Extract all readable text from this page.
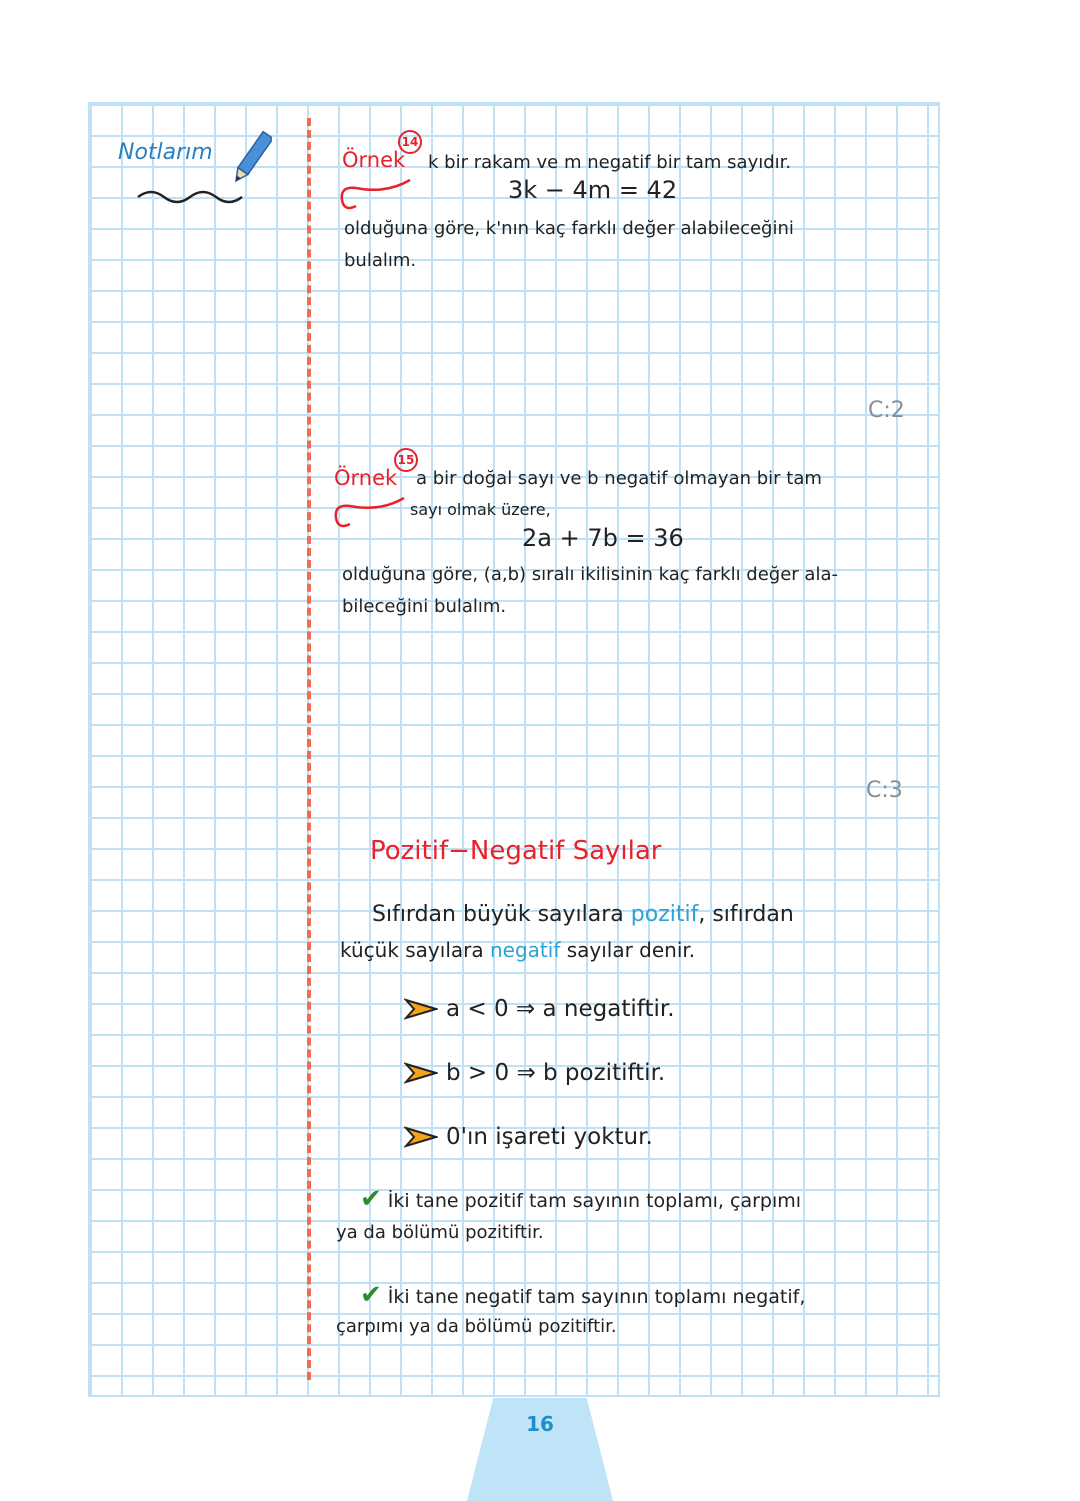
Notlarım	Örnek
14
k bir rakam ve m negatif bir tam sayıdır.
3k − 4m = 42
olduğuna göre, k'nın kaç farklı değer alabileceğini
bulalım.
C:2
Örnek
15
a bir doğal sayı ve b negatif olmayan bir tam
sayı olmak üzere,
2a + 7b = 36
olduğuna göre, (a,b) sıralı ikilisinin kaç farklı değer ala-
bileceğini bulalım.
C:3
Pozitif−Negatif Sayılar
Sıfırdan büyük sayılara pozitif, sıfırdan
küçük sayılara negatif sayılar denir.
a < 0 ⇒ a negatiftir.
b > 0 ⇒ b pozitiftir.
0'ın işareti yoktur.
✔ İki tane pozitif tam sayının toplamı, çarpımı
ya da bölümü pozitiftir.
✔ İki tane negatif tam sayının toplamı negatif,
çarpımı ya da bölümü pozitiftir.
16
